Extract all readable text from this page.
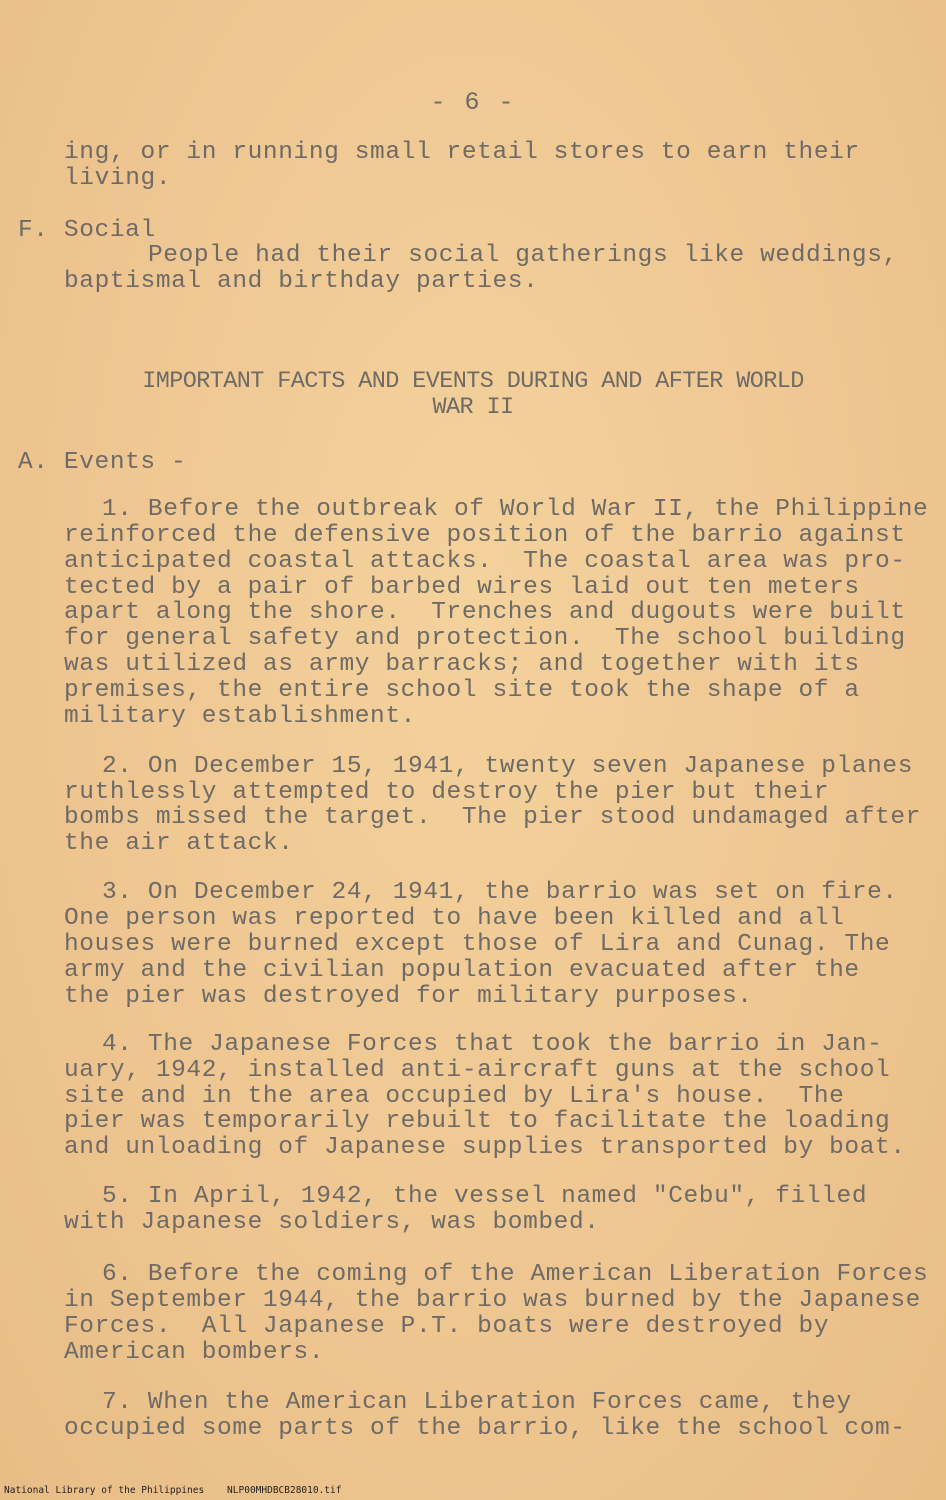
- 6 -
ing, or in running small retail stores to earn their
living.
F. Social
People had their social gatherings like weddings,
baptismal and birthday parties.
IMPORTANT FACTS AND EVENTS DURING AND AFTER WORLD
WAR II
A. Events -
1. Before the outbreak of World War II, the Philippine
reinforced the defensive position of the barrio against
anticipated coastal attacks.  The coastal area was pro-
tected by a pair of barbed wires laid out ten meters
apart along the shore.  Trenches and dugouts were built
for general safety and protection.  The school building
was utilized as army barracks; and together with its
premises, the entire school site took the shape of a
military establishment.
2. On December 15, 1941, twenty seven Japanese planes
ruthlessly attempted to destroy the pier but their
bombs missed the target.  The pier stood undamaged after
the air attack.
3. On December 24, 1941, the barrio was set on fire.
One person was reported to have been killed and all
houses were burned except those of Lira and Cunag. The
army and the civilian population evacuated after the
the pier was destroyed for military purposes.
4. The Japanese Forces that took the barrio in Jan-
uary, 1942, installed anti-aircraft guns at the school
site and in the area occupied by Lira's house.  The
pier was temporarily rebuilt to facilitate the loading
and unloading of Japanese supplies transported by boat.
5. In April, 1942, the vessel named "Cebu", filled
with Japanese soldiers, was bombed.
6. Before the coming of the American Liberation Forces
in September 1944, the barrio was burned by the Japanese
Forces.  All Japanese P.T. boats were destroyed by
American bombers.
7. When the American Liberation Forces came, they
occupied some parts of the barrio, like the school com-
National Library of the Philippines    NLP00MHDBCB28010.tif
